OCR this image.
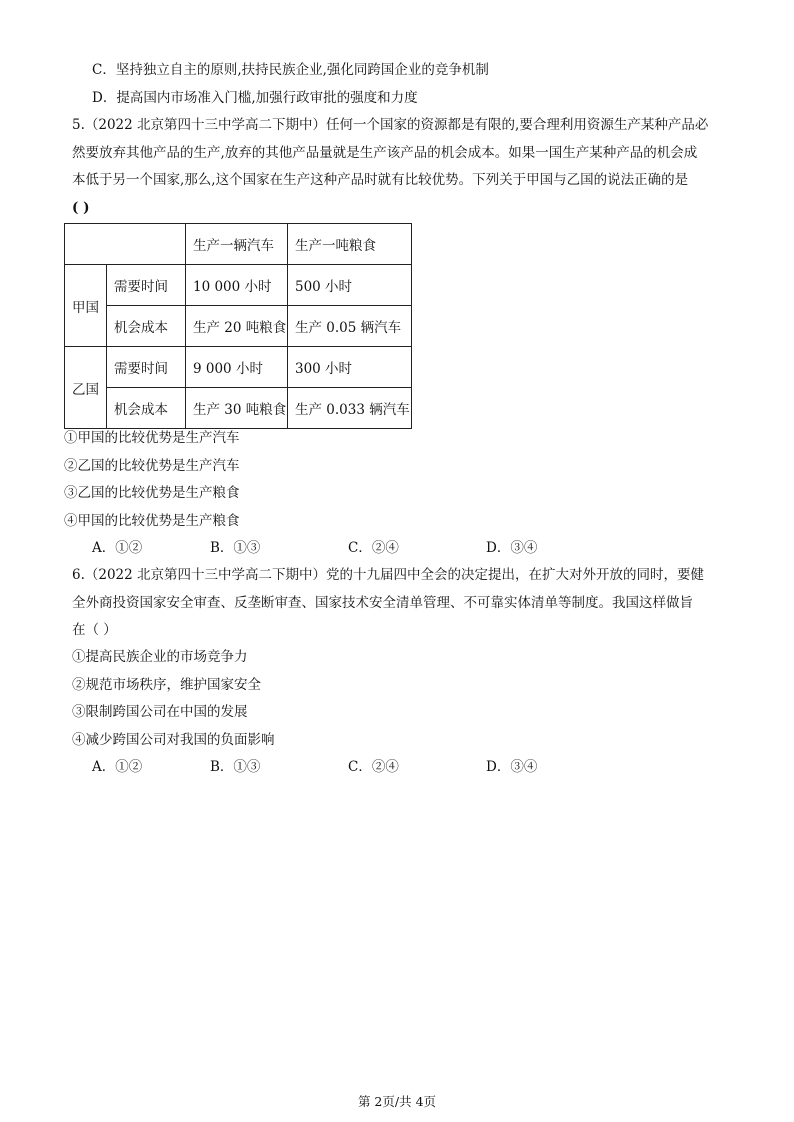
C．坚持独立自主的原则,扶持民族企业,强化同跨国企业的竞争机制
D．提高国内市场准入门槛,加强行政审批的强度和力度
5.（2022 北京第四十三中学高二下期中）任何一个国家的资源都是有限的,要合理利用资源生产某种产品必
然要放弃其他产品的生产,放弃的其他产品量就是生产该产品的机会成本。如果一国生产某种产品的机会成
本低于另一个国家,那么,这个国家在生产这种产品时就有比较优势。下列关于甲国与乙国的说法正确的是
( )
		生产一辆汽车	生产一吨粮食
甲国	需要时间	10 000 小时	500 小时
	机会成本	生产 20 吨粮食	生产 0.05 辆汽车
乙国	需要时间	9 000 小时	300 小时
	机会成本	生产 30 吨粮食	生产 0.033 辆汽车
①甲国的比较优势是生产汽车
②乙国的比较优势是生产汽车
③乙国的比较优势是生产粮食
④甲国的比较优势是生产粮食
A．①②	B．①③	C．②④	D．③④
6.（2022 北京第四十三中学高二下期中）党的十九届四中全会的决定提出，在扩大对外开放的同时，要健
全外商投资国家安全审查、反垄断审查、国家技术安全清单管理、不可靠实体清单等制度。我国这样做旨
在（ ）
①提高民族企业的市场竞争力
②规范市场秩序，维护国家安全
③限制跨国公司在中国的发展
④减少跨国公司对我国的负面影响
A．①②	B．①③	C．②④	D．③④
第 2页/共 4页
